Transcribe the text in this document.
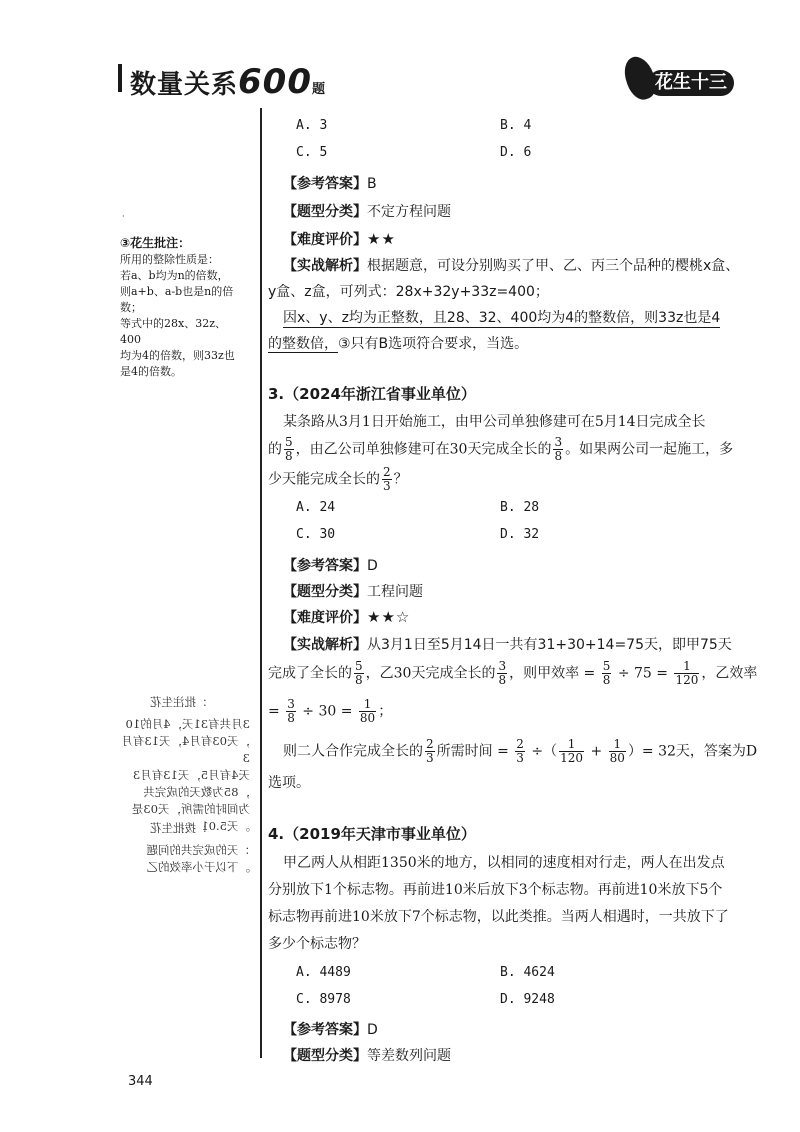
数量关系600题	花生十三
·
③花生批注：
所用的整除性质是：
若a、b均为n的倍数，
则a+b、a-b也是n的倍数；
等式中的28x、32z、400
均为4的倍数，则33z也
是4的倍数。
：批注生花
3月共有31天，4月的10
，天03有月4，天13有月3
天4有月5，天13有月3
，85为数天的成完共
为间时的需所，天03是
。天5.01
：拨批生花
：天的成完共的问题
。下以于小率效的乙
A. 3	B. 4
C. 5	D. 6
【参考答案】B
【题型分类】不定方程问题
【难度评价】★★
【实战解析】根据题意，可设分别购买了甲、乙、丙三个品种的樱桃x盒、
y盒、z盒，可列式：28x+32y+33z=400；
因x、y、z均为正整数，且28、32、400均为4的整数倍，则33z也是4
的整数倍，③只有B选项符合要求，当选。
3.（2024年浙江省事业单位）
某条路从3月1日开始施工，由甲公司单独修建可在5月14日完成全长
的 $\frac{5}{8}$ ，由乙公司单独修建可在30天完成全长的 $\frac{3}{8}$ 。如果两公司一起施工，多
少天能完成全长的 $\frac{2}{3}$ ？
A. 24	B. 28
C. 30	D. 32
【参考答案】D
【题型分类】工程问题
【难度评价】★★☆
【实战解析】从3月1日至5月14日一共有31+30+14=75天，即甲75天
完成了全长的 $\frac{5}{8}$ ，乙30天完成全长的 $\frac{3}{8}$ ，则甲效率 = $\frac{5}{8} \div 75 = \frac{1}{120}$ ，乙效率
= $\frac{3}{8} \div 30 = \frac{1}{80}$ ；
则二人合作完成全长的 $\frac{2}{3}$ 所需时间 = $\frac{2}{3}$ ÷（ $\frac{1}{120} + \frac{1}{80}$ ）= 32天，答案为D
选项。
4.（2019年天津市事业单位）
甲乙两人从相距1350米的地方，以相同的速度相对行走，两人在出发点
分别放下1个标志物。再前进10米后放下3个标志物。再前进10米放下5个
标志物再前进10米放下7个标志物，以此类推。当两人相遇时，一共放下了
多少个标志物？
A. 4489	B. 4624
C. 8978	D. 9248
【参考答案】D
【题型分类】等差数列问题
344
